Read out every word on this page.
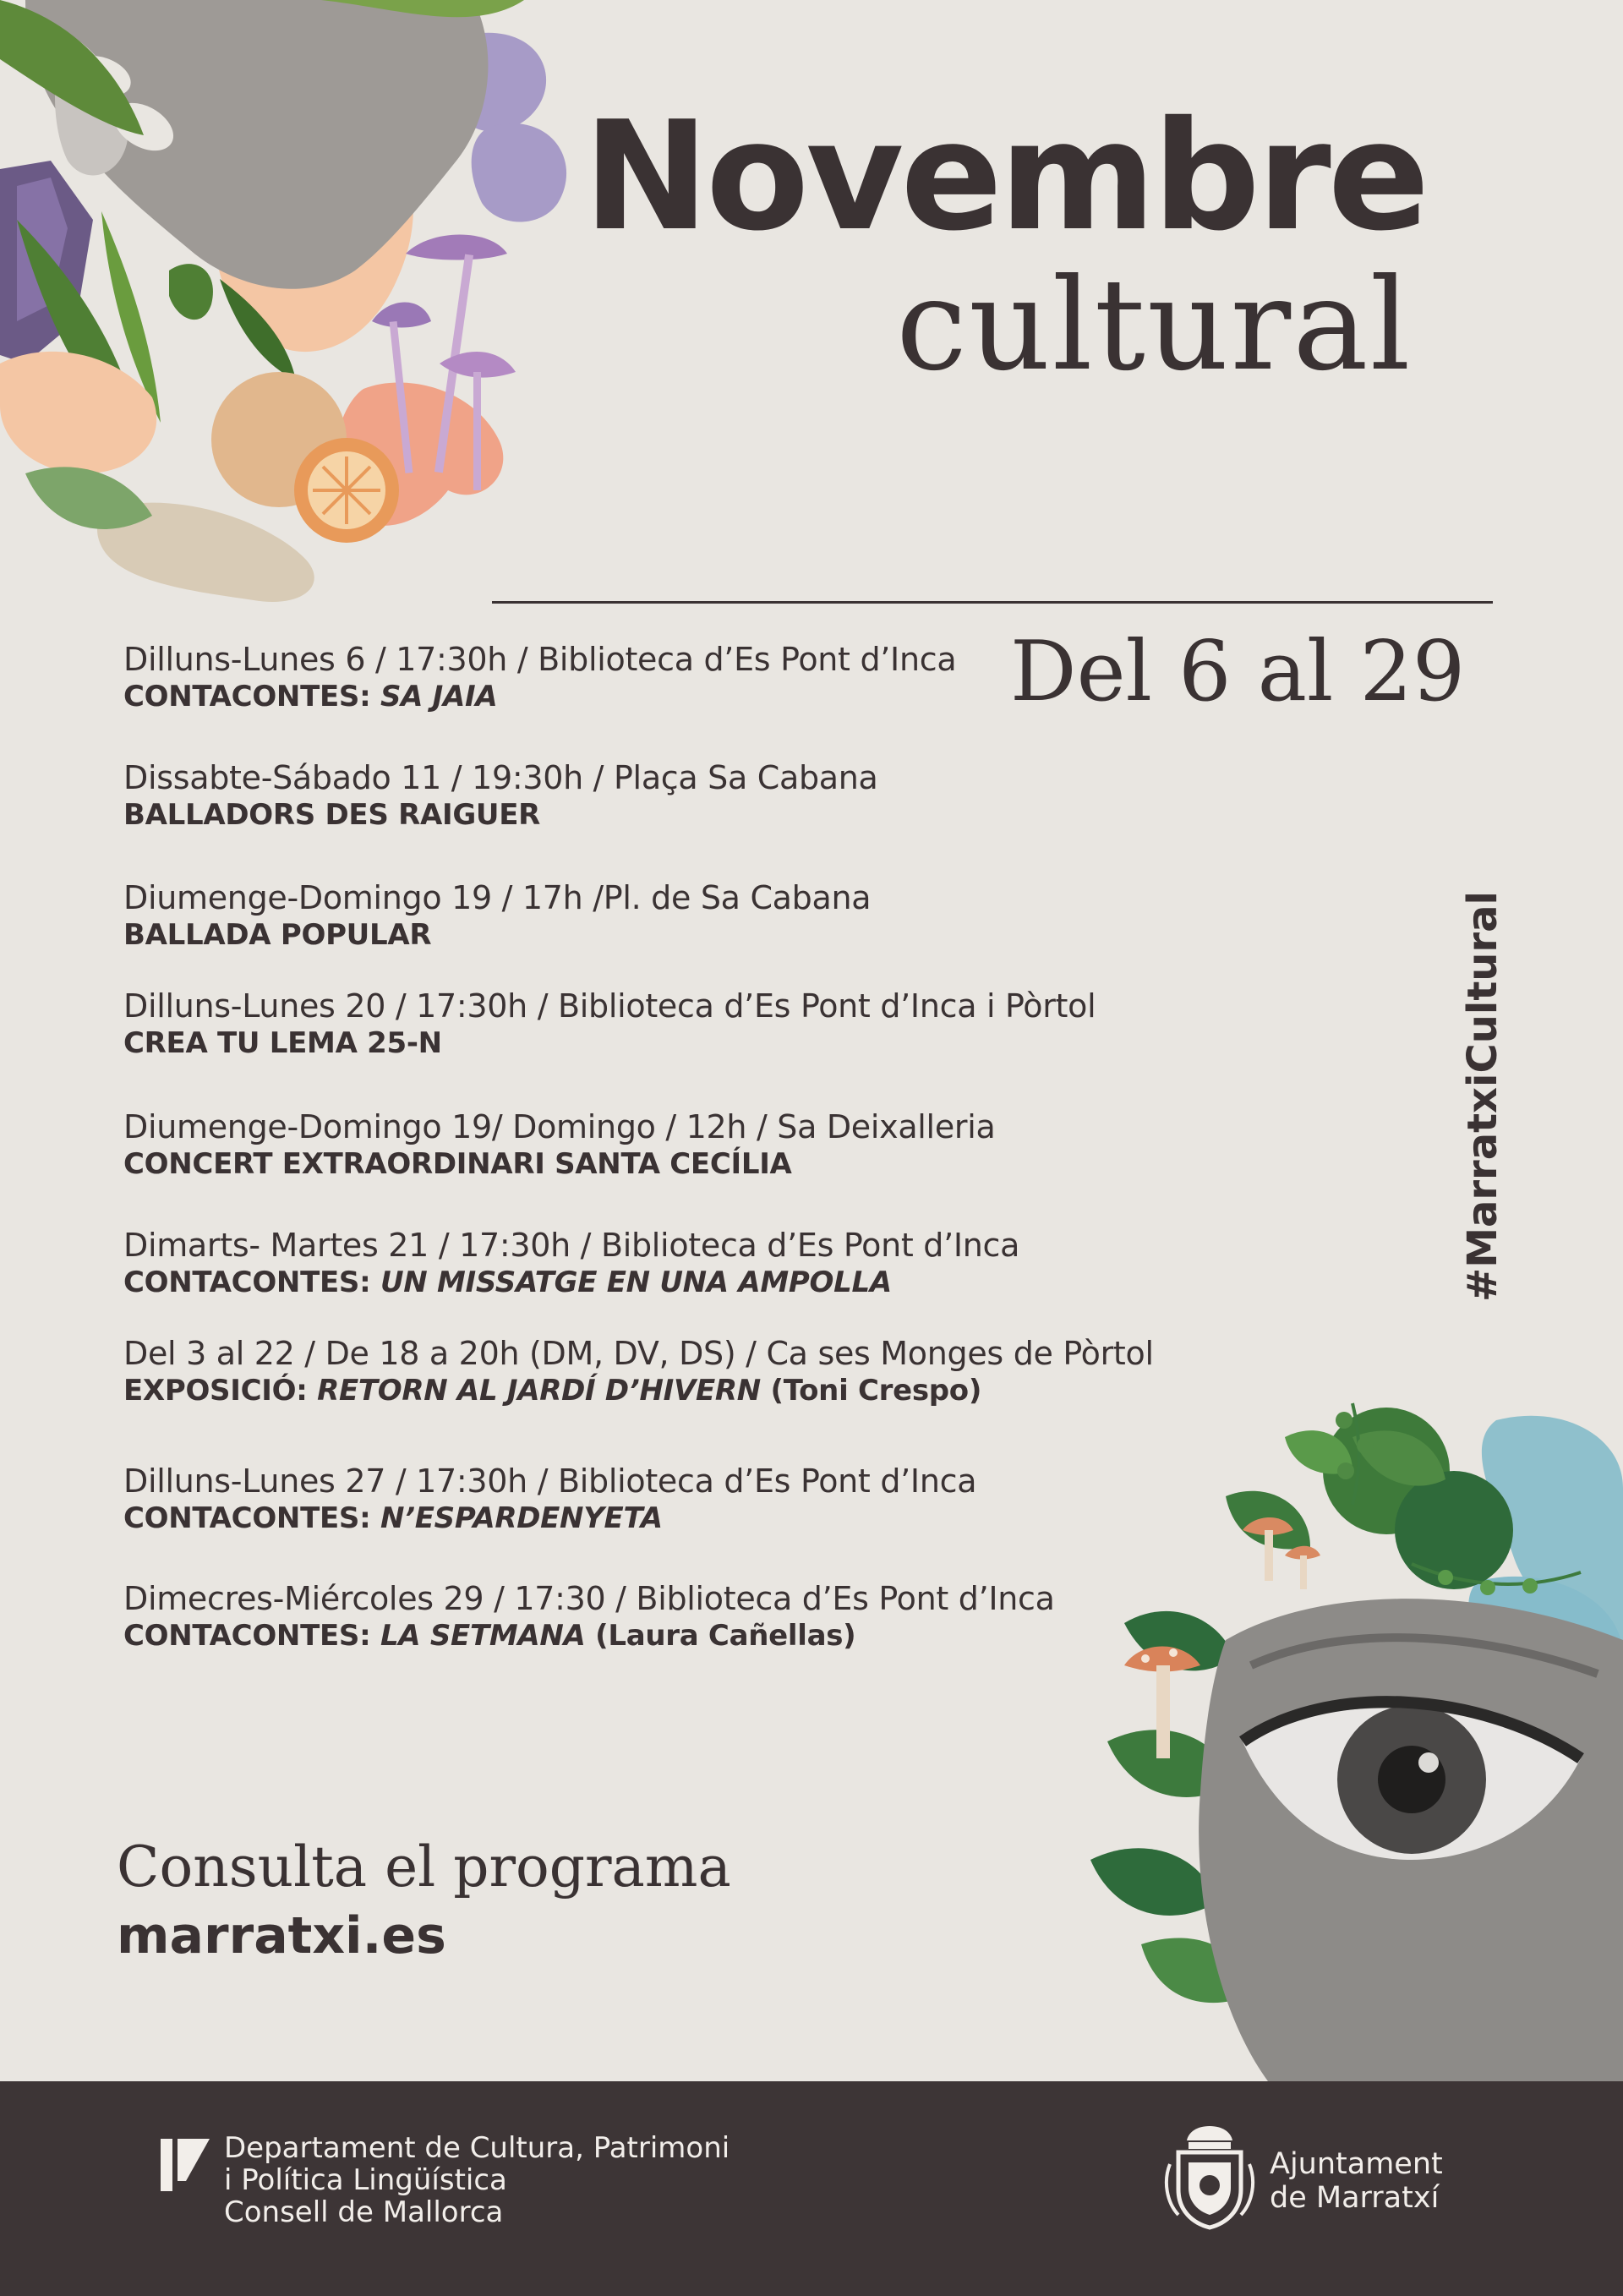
Novembre
cultural
Del 6 al 29
Dilluns-Lunes 6 / 17:30h / Biblioteca d’Es Pont d’Inca
CONTACONTES: SA JAIA
Dissabte-Sábado 11 / 19:30h / Plaça Sa Cabana
BALLADORS DES RAIGUER
Diumenge-Domingo 19 / 17h /Pl. de Sa Cabana
BALLADA POPULAR
Dilluns-Lunes 20 / 17:30h / Biblioteca d’Es Pont d’Inca i Pòrtol
CREA TU LEMA 25-N
Diumenge-Domingo 19/ Domingo / 12h / Sa Deixalleria
CONCERT EXTRAORDINARI SANTA CECÍLIA
Dimarts- Martes 21 / 17:30h / Biblioteca d’Es Pont d’Inca
CONTACONTES: UN MISSATGE EN UNA AMPOLLA
Del 3 al 22 / De 18 a 20h (DM, DV, DS) / Ca ses Monges de Pòrtol
EXPOSICIÓ: RETORN AL JARDÍ D’HIVERN (Toni Crespo)
Dilluns-Lunes 27 / 17:30h / Biblioteca d’Es Pont d’Inca
CONTACONTES: N’ESPARDENYETA
Dimecres-Miércoles 29 / 17:30 / Biblioteca d’Es Pont d’Inca
CONTACONTES: LA SETMANA (Laura Cañellas)
#MarratxiCultural
Consulta el programa
marratxi.es
Departament de Cultura, Patrimoni
i Política Lingüística
Consell de Mallorca
Ajuntament
de Marratxí
